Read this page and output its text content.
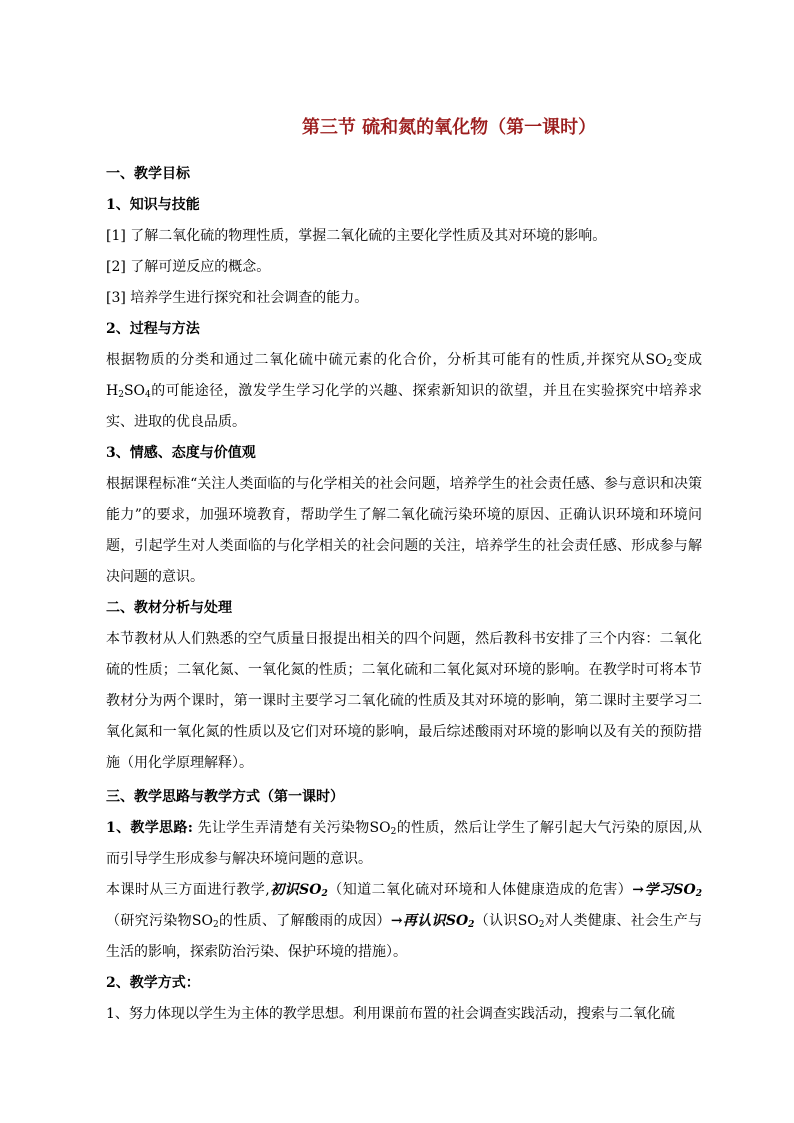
第三节 硫和氮的氧化物（第一课时）

一、教学目标

1、知识与技能

[1] 了解二氧化硫的物理性质，掌握二氧化硫的主要化学性质及其对环境的影响。

[2] 了解可逆反应的概念。

[3] 培养学生进行探究和社会调查的能力。

2、过程与方法

根据物质的分类和通过二氧化硫中硫元素的化合价，分析其可能有的性质,并探究从$SO_2$变成$H_2SO_4$的可能途径，激发学生学习化学的兴趣、探索新知识的欲望，并且在实验探究中培养求实、进取的优良品质。

3、情感、态度与价值观

根据课程标准“关注人类面临的与化学相关的社会问题，培养学生的社会责任感、参与意识和决策能力”的要求，加强环境教育，帮助学生了解二氧化硫污染环境的原因、正确认识环境和环境问题，引起学生对人类面临的与化学相关的社会问题的关注，培养学生的社会责任感、形成参与解决问题的意识。

二、教材分析与处理

本节教材从人们熟悉的空气质量日报提出相关的四个问题，然后教科书安排了三个内容：二氧化硫的性质；二氧化氮、一氧化氮的性质；二氧化硫和二氧化氮对环境的影响。在教学时可将本节教材分为两个课时，第一课时主要学习二氧化硫的性质及其对环境的影响，第二课时主要学习二氧化氮和一氧化氮的性质以及它们对环境的影响，最后综述酸雨对环境的影响以及有关的预防措施（用化学原理解释）。

三、教学思路与教学方式（第一课时）

1、教学思路: 先让学生弄清楚有关污染物$SO_2$的性质，然后让学生了解引起大气污染的原因,从而引导学生形成参与解决环境问题的意识。

本课时从三方面进行教学,初识$SO_2$（知道二氧化硫对环境和人体健康造成的危害）→学习$SO_2$（研究污染物$SO_2$的性质、了解酸雨的成因）→再认识$SO_2$（认识$SO_2$对人类健康、社会生产与生活的影响，探索防治污染、保护环境的措施）。

2、教学方式：

1、努力体现以学生为主体的教学思想。利用课前布置的社会调查实践活动，搜索与二氧化硫
